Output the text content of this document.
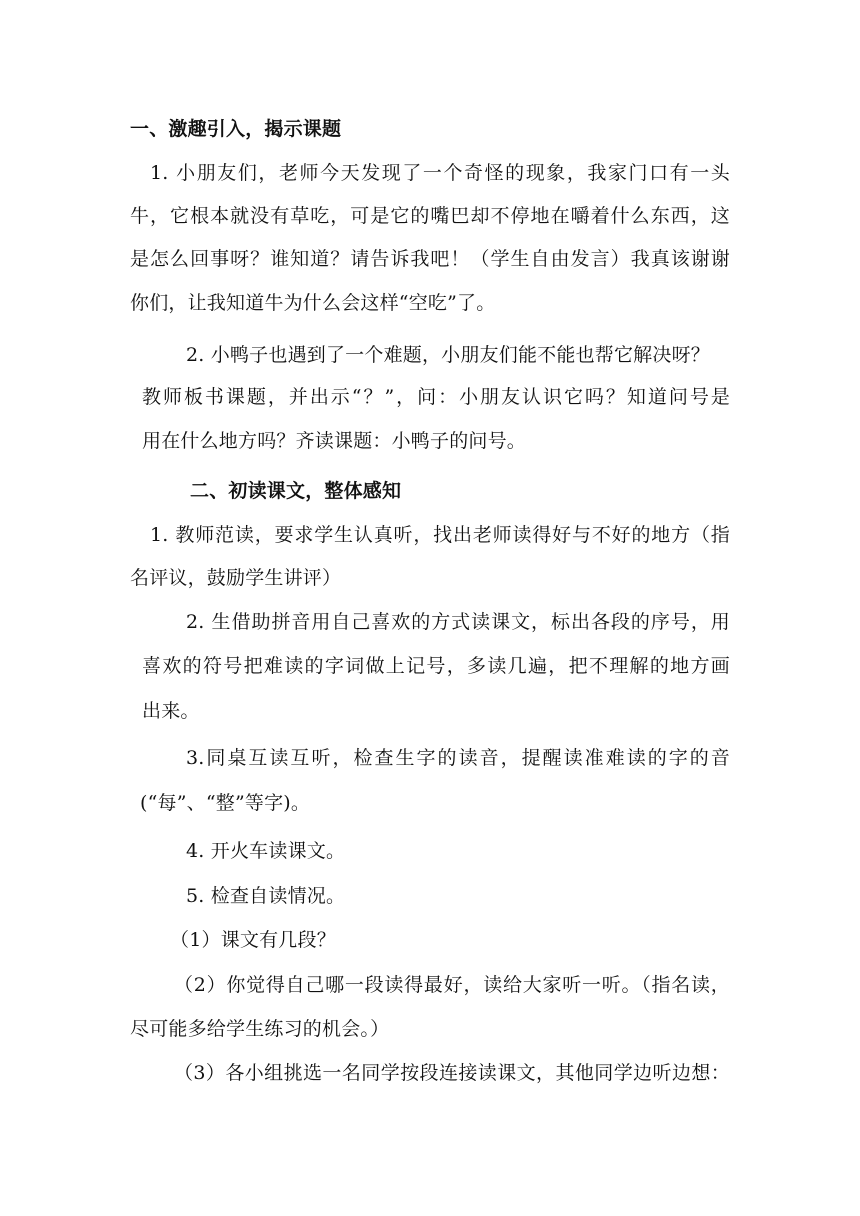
一、激趣引入，揭示课题
1. 小朋友们，老师今天发现了一个奇怪的现象，我家门口有一头
牛，它根本就没有草吃，可是它的嘴巴却不停地在嚼着什么东西，这
是怎么回事呀？谁知道？请告诉我吧！（学生自由发言）我真该谢谢
你们，让我知道牛为什么会这样“空吃”了。
2. 小鸭子也遇到了一个难题，小朋友们能不能也帮它解决呀？
教师板书课题，并出示“？”，问：小朋友认识它吗？知道问号是
用在什么地方吗？齐读课题：小鸭子的问号。
二、初读课文，整体感知
1. 教师范读，要求学生认真听，找出老师读得好与不好的地方（指
名评议，鼓励学生讲评）
2. 生借助拼音用自己喜欢的方式读课文，标出各段的序号，用
喜欢的符号把难读的字词做上记号，多读几遍，把不理解的地方画
出来。
3.同桌互读互听，检查生字的读音，提醒读准难读的字的音
(“每”、“整”等字)。
4. 开火车读课文。
5. 检查自读情况。
（1）课文有几段？
（2）你觉得自己哪一段读得最好，读给大家听一听。（指名读，
尽可能多给学生练习的机会。）
（3）各小组挑选一名同学按段连接读课文，其他同学边听边想：
